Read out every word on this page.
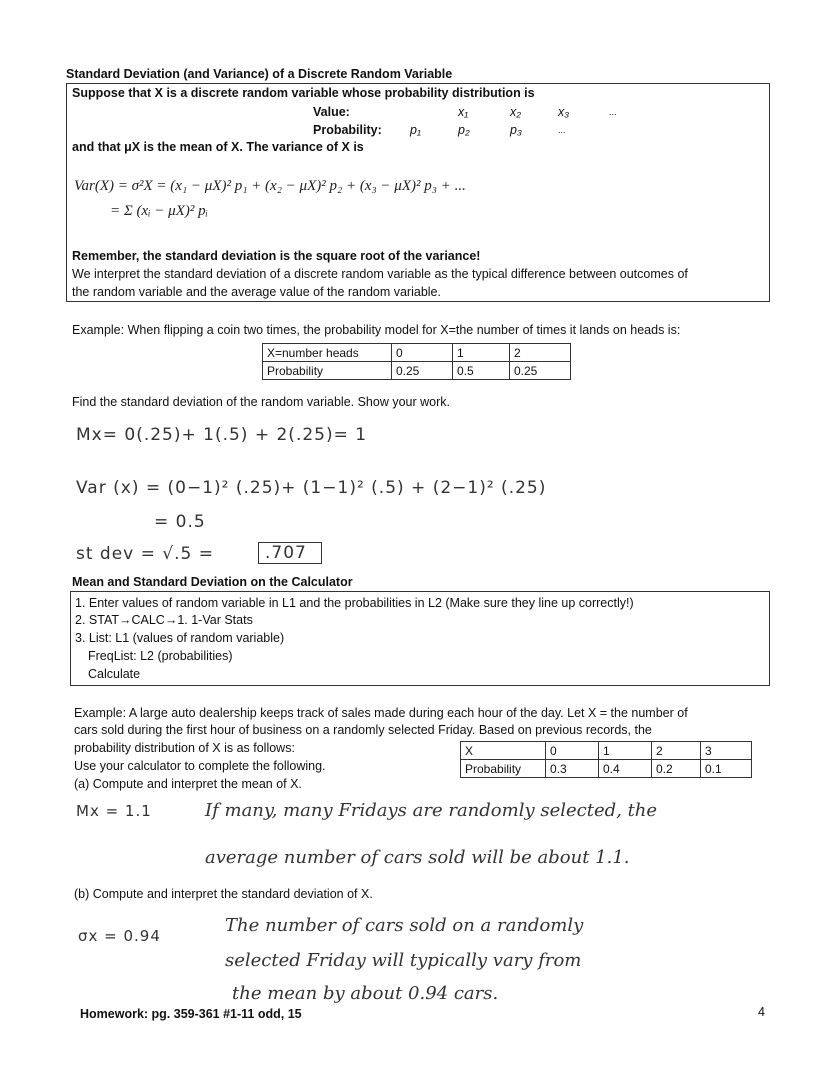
Standard Deviation (and Variance) of a Discrete Random Variable
Suppose that X is a discrete random variable whose probability distribution is
Value:	x₁	x₂	x₃	...
Probability: p₁	p₂	p₃	...
and that μX is the mean of X. The variance of X is
Var(X) = σ²X = (x₁ − μX)² p₁ + (x₂ − μX)² p₂ + (x₃ − μX)² p₃ + ...
= Σ (xᵢ − μX)² pᵢ
Remember, the standard deviation is the square root of the variance!
We interpret the standard deviation of a discrete random variable as the typical difference between outcomes of
the random variable and the average value of the random variable.
Example: When flipping a coin two times, the probability model for X=the number of times it lands on heads is:
X=number heads	0	1	2
Probability	0.25	0.5	0.25
Find the standard deviation of the random variable. Show your work.
Mx= 0(.25)+ 1(.5) + 2(.25)= 1
Var (x) = (0−1)² (.25)+ (1−1)² (.5) + (2−1)² (.25)
= 0.5
st dev = √.5 =	.707
Mean and Standard Deviation on the Calculator
1. Enter values of random variable in L1 and the probabilities in L2 (Make sure they line up correctly!)
2. STAT→CALC→1. 1-Var Stats
3. List: L1 (values of random variable)
FreqList: L2 (probabilities)
Calculate
Example: A large auto dealership keeps track of sales made during each hour of the day. Let X = the number of
cars sold during the first hour of business on a randomly selected Friday. Based on previous records, the
probability distribution of X is as follows:
Use your calculator to complete the following.
(a) Compute and interpret the mean of X.
X	0	1	2	3
Probability	0.3	0.4	0.2	0.1
Mx = 1.1	If many, many Fridays are randomly selected, the
average number of cars sold will be about 1.1.
(b) Compute and interpret the standard deviation of X.
σx = 0.94	The number of cars sold on a randomly
selected Friday will typically vary from
the mean by about 0.94 cars.
Homework: pg. 359-361 #1-11 odd, 15	4
